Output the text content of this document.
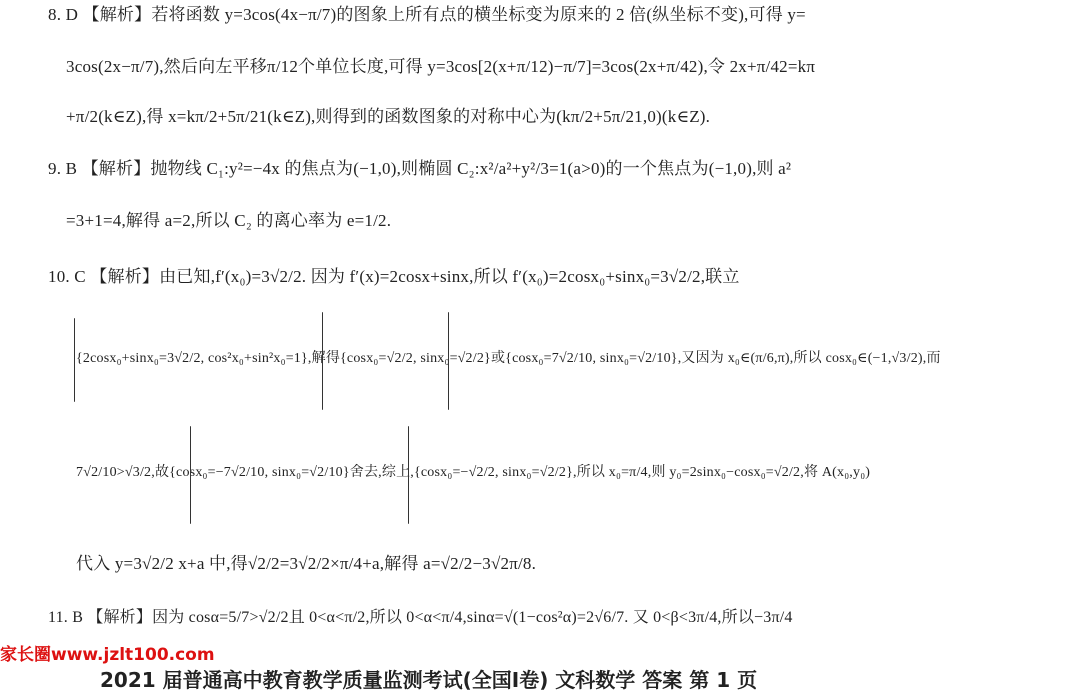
8. D 【解析】若将函数 y=3cos(4x−π/7)的图象上所有点的横坐标变为原来的 2 倍(纵坐标不变),可得 y=
3cos(2x−π/7),然后向左平移π/12个单位长度,可得 y=3cos[2(x+π/12)−π/7]=3cos(2x+π/42),令 2x+π/42=kπ
+π/2(k∈Z),得 x=kπ/2+5π/21(k∈Z),则得到的函数图象的对称中心为(kπ/2+5π/21,0)(k∈Z).
9. B 【解析】抛物线 C₁:y²=−4x 的焦点为(−1,0),则椭圆 C₂:x²/a²+y²/3=1(a>0)的一个焦点为(−1,0),则 a²
=3+1=4,解得 a=2,所以 C₂ 的离心率为 e=1/2.
10. C 【解析】由已知,f′(x₀)=3√2/2. 因为 f′(x)=2cosx+sinx,所以 f′(x₀)=2cosx₀+sinx₀=3√2/2,联立
{2cosx₀+sinx₀=3√2/2, cos²x₀+sin²x₀=1},解得{cosx₀=√2/2, sinx₀=√2/2}或{cosx₀=7√2/10, sinx₀=√2/10},又因为 x₀∈(π/6,π),所以 cosx₀∈(−1,√3/2),而
7√2/10>√3/2,故{cosx₀=−7√2/10, sinx₀=√2/10}舍去,综上,{cosx₀=−√2/2, sinx₀=√2/2},所以 x₀=π/4,则 y₀=2sinx₀−cosx₀=√2/2,将 A(x₀,y₀)
代入 y=3√2/2 x+a 中,得√2/2=3√2/2×π/4+a,解得 a=√2/2−3√2π/8.
11. B 【解析】因为 cosα=5/7>√2/2且 0<α<π/2,所以 0<α<π/4,sinα=√(1−cos²α)=2√6/7. 又 0<β<3π/4,所以−3π/4
家长圈www.jzlt100.com
2021 届普通高中教育教学质量监测考试(全国Ⅰ卷) 文科数学 答案 第 1 页
